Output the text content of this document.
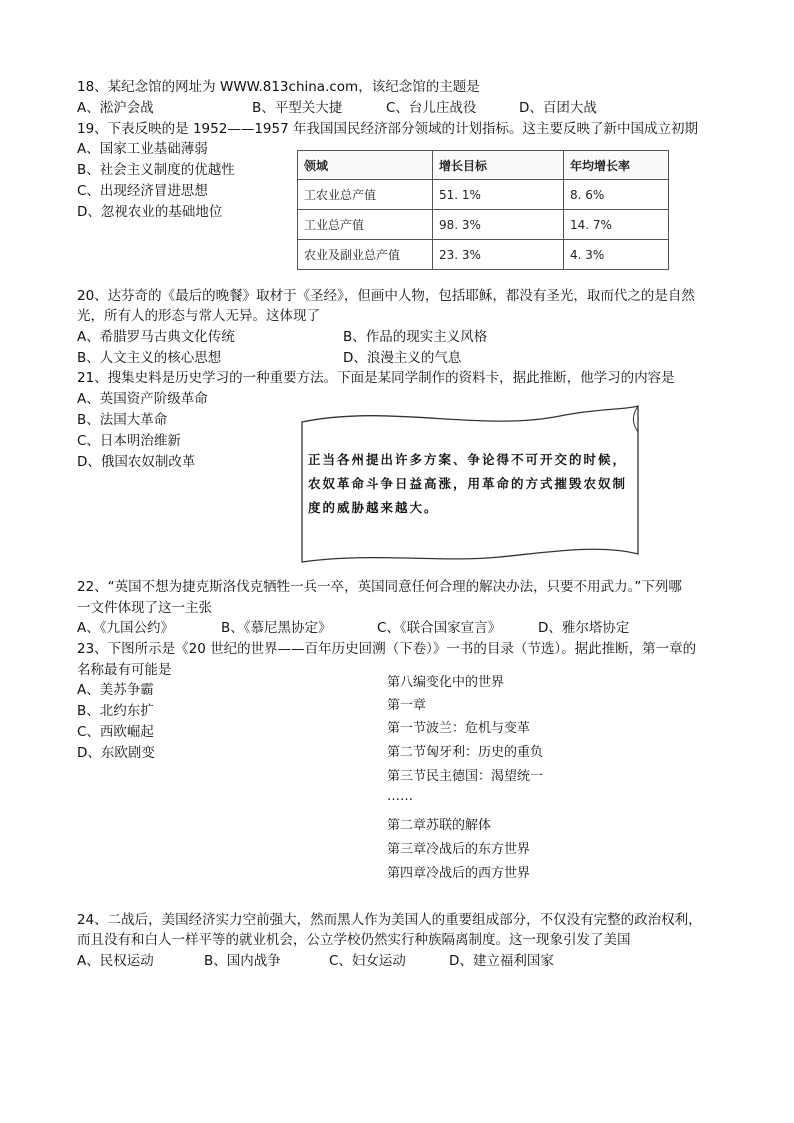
18、某纪念馆的网址为 WWW.813china.com，该纪念馆的主题是
A、淞沪会战	B、平型关大捷	C、台儿庄战役	D、百团大战
19、下表反映的是 1952——1957 年我国国民经济部分领域的计划指标。这主要反映了新中国成立初期
A、国家工业基础薄弱
B、社会主义制度的优越性
C、出现经济冒进思想
D、忽视农业的基础地位
领域	增长目标	年均增长率
工农业总产值	51. 1%	8. 6%
工业总产值	98. 3%	14. 7%
农业及副业总产值	23. 3%	4. 3%
20、达芬奇的《最后的晚餐》取材于《圣经》，但画中人物，包括耶稣，都没有圣光，取而代之的是自然
光，所有人的形态与常人无异。这体现了
A、希腊罗马古典文化传统	B、作品的现实主义风格
B、人文主义的核心思想	D、浪漫主义的气息
21、搜集史料是历史学习的一种重要方法。下面是某同学制作的资料卡，据此推断，他学习的内容是
A、英国资产阶级革命
B、法国大革命
C、日本明治维新
D、俄国农奴制改革	正当各州提出许多方案、争论得不可开交的时候，农奴革命斗争日益高涨，用革命的方式摧毁农奴制度的威胁越来越大。
22、“英国不想为捷克斯洛伐克牺牲一兵一卒，英国同意任何合理的解决办法，只要不用武力。”下列哪
一文件体现了这一主张
A、《九国公约》	B、《慕尼黑协定》	C、《联合国家宣言》	D、雅尔塔协定
23、下图所示是《20 世纪的世界——百年历史回溯（下卷）》一书的目录（节选）。据此推断，第一章的
名称最有可能是
A、美苏争霸
B、北约东扩
C、西欧崛起
D、东欧剧变
第八编变化中的世界
第一章
第一节波兰：危机与变革
第二节匈牙利：历史的重负
第三节民主德国：渴望统一
……
第二章苏联的解体
第三章冷战后的东方世界
第四章冷战后的西方世界
24、二战后，美国经济实力空前强大，然而黑人作为美国人的重要组成部分，不仅没有完整的政治权利，
而且没有和白人一样平等的就业机会，公立学校仍然实行种族隔离制度。这一现象引发了美国
A、民权运动	B、国内战争	C、妇女运动	D、建立福利国家
